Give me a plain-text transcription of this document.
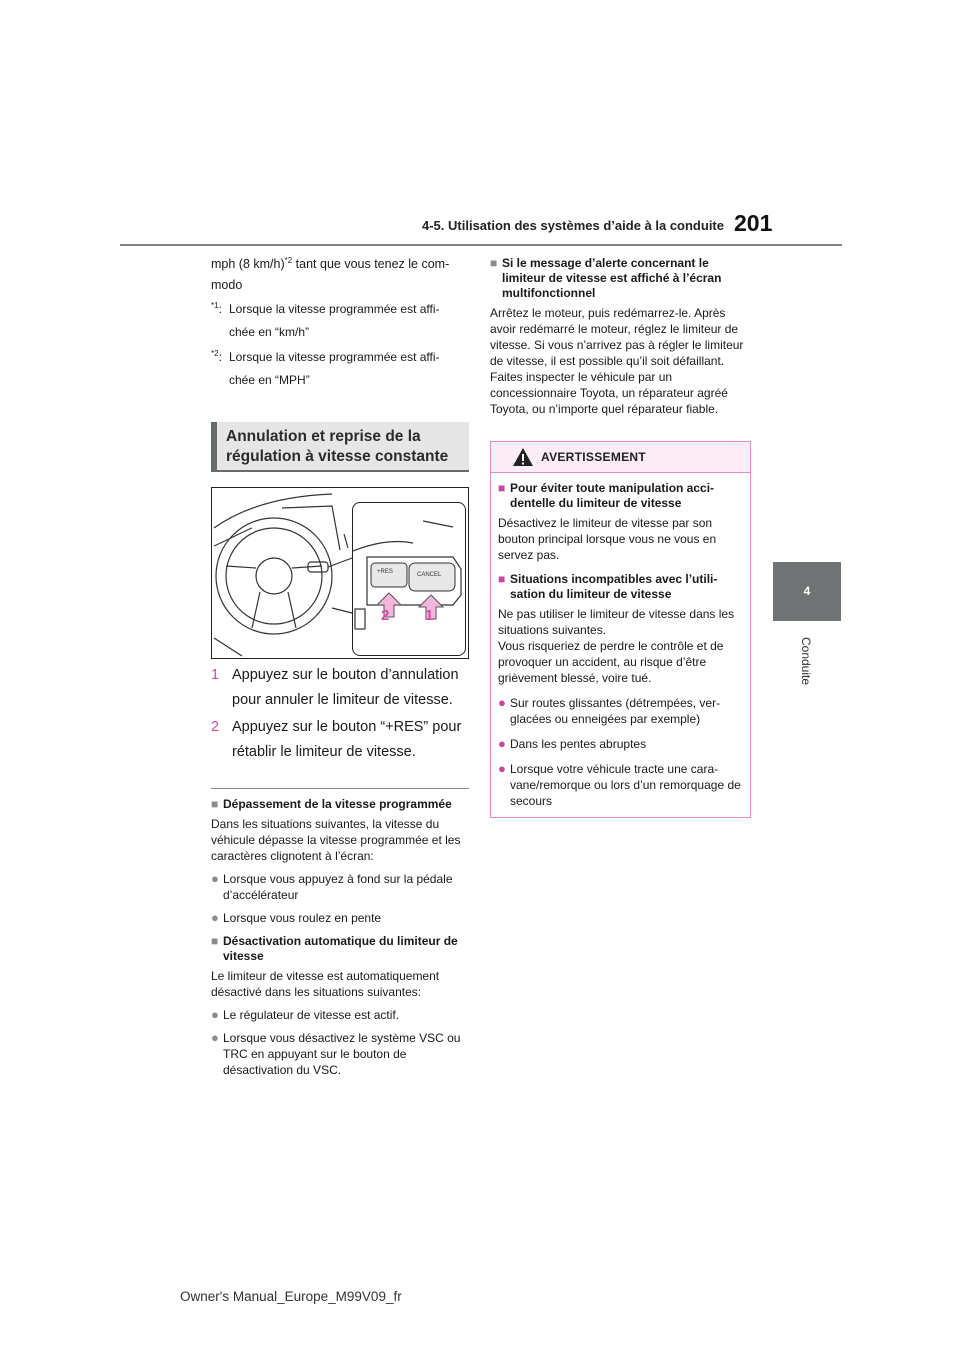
4-5. Utilisation des systèmes d’aide à la conduite 201
4
Conduite
mph (8 km/h)$^{*2}$ tant que vous tenez le com-
modo
$^{*1}$: Lorsque la vitesse programmée est affi-
chée en “km/h”
$^{*2}$: Lorsque la vitesse programmée est affi-
chée en “MPH”
Annulation et reprise de la
régulation à vitesse constante
+RES	CANCEL
2 1
1 Appuyez sur le bouton d’annulation
pour annuler le limiteur de vitesse.
2 Appuyez sur le bouton “+RES” pour
rétablir le limiteur de vitesse.
■ Dépassement de la vitesse programmée
Dans les situations suivantes, la vitesse du véhicule dépasse la vitesse programmée et les caractères clignotent à l’écran:
● Lorsque vous appuyez à fond sur la pédale d’accélérateur
● Lorsque vous roulez en pente
■ Désactivation automatique du limiteur de vitesse
Le limiteur de vitesse est automatiquement désactivé dans les situations suivantes:
● Le régulateur de vitesse est actif.
● Lorsque vous désactivez le système VSC ou TRC en appuyant sur le bouton de désactivation du VSC.
■ Si le message d’alerte concernant le limiteur de vitesse est affiché à l’écran multifonctionnel
Arrêtez le moteur, puis redémarrez-le. Après avoir redémarré le moteur, réglez le limiteur de vitesse. Si vous n’arrivez pas à régler le limiteur de vitesse, il est possible qu’il soit défaillant. Faites inspecter le véhicule par un concessionnaire Toyota, un réparateur agréé Toyota, ou n’importe quel réparateur fiable.
AVERTISSEMENT
■ Pour éviter toute manipulation acci-dentelle du limiteur de vitesse
Désactivez le limiteur de vitesse par son bouton principal lorsque vous ne vous en servez pas.
■ Situations incompatibles avec l’utili-sation du limiteur de vitesse
Ne pas utiliser le limiteur de vitesse dans les situations suivantes.
Vous risqueriez de perdre le contrôle et de provoquer un accident, au risque d’être grièvement blessé, voire tué.
● Sur routes glissantes (détrempées, ver-glacées ou enneigées par exemple)
● Dans les pentes abruptes
● Lorsque votre véhicule tracte une cara-vane/remorque ou lors d’un remorquage de secours
Owner's Manual_Europe_M99V09_fr
